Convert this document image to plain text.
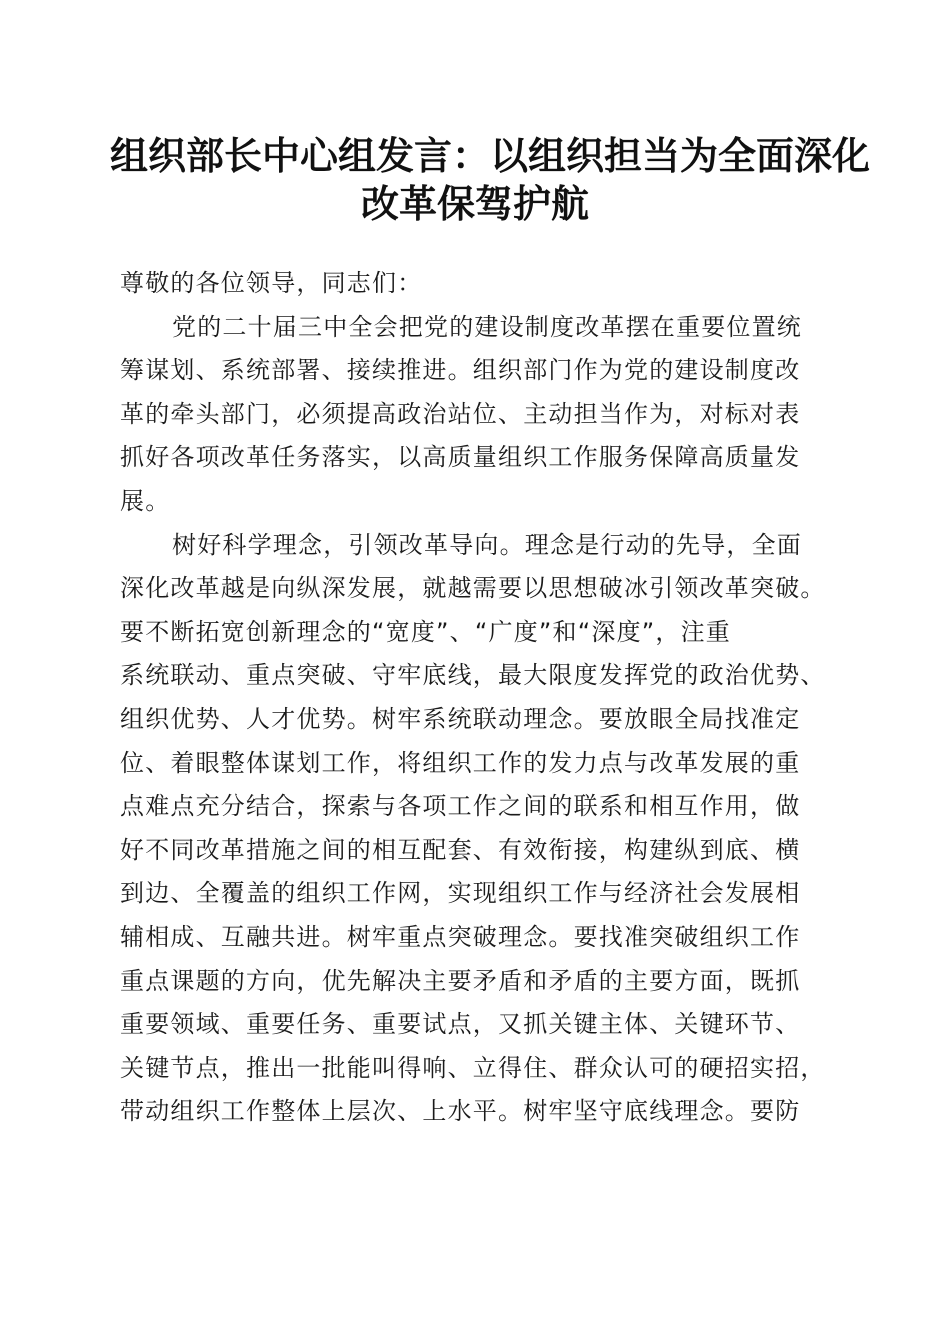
组织部长中心组发言：以组织担当为全面深化
改革保驾护航
尊敬的各位领导，同志们：
党的二十届三中全会把党的建设制度改革摆在重要位置统
筹谋划、系统部署、接续推进。组织部门作为党的建设制度改
革的牵头部门，必须提高政治站位、主动担当作为，对标对表
抓好各项改革任务落实，以高质量组织工作服务保障高质量发
展。
树好科学理念，引领改革导向。理念是行动的先导，全面
深化改革越是向纵深发展，就越需要以思想破冰引领改革突破。
要不断拓宽创新理念的“宽度”、“广度”和“深度”，注重
系统联动、重点突破、守牢底线，最大限度发挥党的政治优势、
组织优势、人才优势。树牢系统联动理念。要放眼全局找准定
位、着眼整体谋划工作，将组织工作的发力点与改革发展的重
点难点充分结合，探索与各项工作之间的联系和相互作用，做
好不同改革措施之间的相互配套、有效衔接，构建纵到底、横
到边、全覆盖的组织工作网，实现组织工作与经济社会发展相
辅相成、互融共进。树牢重点突破理念。要找准突破组织工作
重点课题的方向，优先解决主要矛盾和矛盾的主要方面，既抓
重要领域、重要任务、重要试点，又抓关键主体、关键环节、
关键节点，推出一批能叫得响、立得住、群众认可的硬招实招，
带动组织工作整体上层次、上水平。树牢坚守底线理念。要防
